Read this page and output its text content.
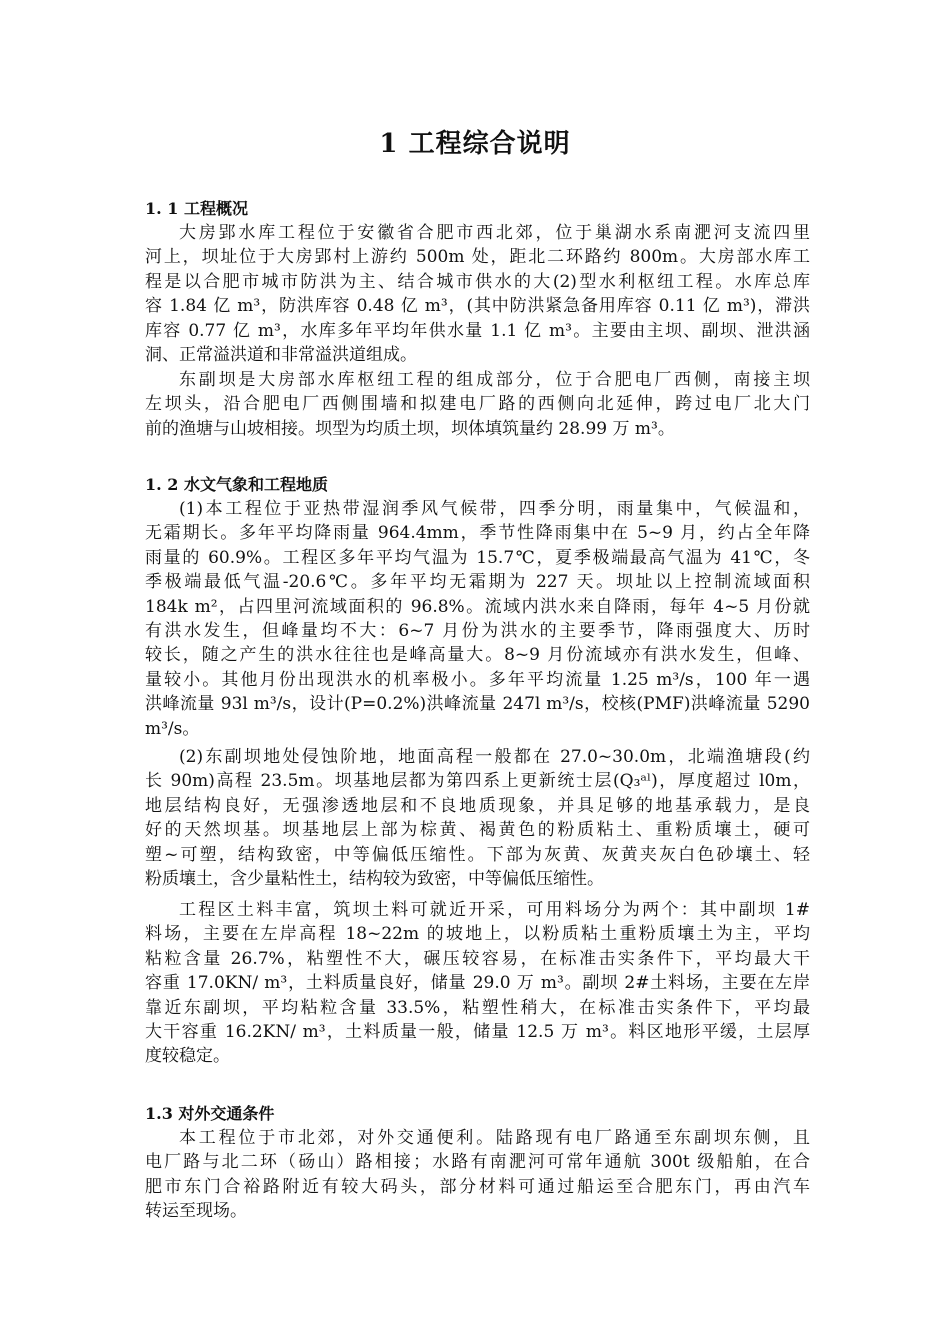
1 工程综合说明
1. 1 工程概况
大房郢水库工程位于安徽省合肥市西北郊，位于巢湖水系南淝河支流四里
河上，坝址位于大房郢村上游约 500m 处，距北二环路约 800m。大房部水库工
程是以合肥市城市防洪为主、结合城市供水的大(2)型水利枢纽工程。水库总库
容 1.84 亿 m³，防洪库容 0.48 亿 m³，(其中防洪紧急备用库容 0.11 亿 m³)，滞洪
库容 0.77 亿 m³，水库多年平均年供水量 1.1 亿 m³。主要由主坝、副坝、泄洪涵
洞、正常溢洪道和非常溢洪道组成。
东副坝是大房部水库枢纽工程的组成部分，位于合肥电厂西侧，南接主坝
左坝头，沿合肥电厂西侧围墙和拟建电厂路的西侧向北延伸，跨过电厂北大门
前的渔塘与山坡相接。坝型为均质土坝，坝体填筑量约 28.99 万 m³。
1. 2 水文气象和工程地质
(1)本工程位于亚热带湿润季风气候带，四季分明，雨量集中，气候温和，
无霜期长。多年平均降雨量 964.4mm，季节性降雨集中在 5~9 月，约占全年降
雨量的 60.9%。工程区多年平均气温为 15.7℃，夏季极端最高气温为 41℃，冬
季极端最低气温-20.6℃。多年平均无霜期为 227 天。坝址以上控制流域面积
184k m²，占四里河流域面积的 96.8%。流域内洪水来自降雨，每年 4~5 月份就
有洪水发生，但峰量均不大：6~7 月份为洪水的主要季节，降雨强度大、历时
较长，随之产生的洪水往往也是峰高量大。8~9 月份流域亦有洪水发生，但峰、
量较小。其他月份出现洪水的机率极小。多年平均流量 1.25 m³/s，100 年一遇
洪峰流量 93l m³/s，设计(P=0.2%)洪峰流量 247l m³/s，校核(PMF)洪峰流量 5290
m³/s。
(2)东副坝地处侵蚀阶地，地面高程一般都在 27.0~30.0m，北端渔塘段(约
长 90m)高程 23.5m。坝基地层都为第四系上更新统士层(Q₃ᵃˡ)，厚度超过 l0m，
地层结构良好，无强渗透地层和不良地质现象，并具足够的地基承载力，是良
好的天然坝基。坝基地层上部为棕黄、褐黄色的粉质粘土、重粉质壤土，硬可
塑~可塑，结构致密，中等偏低压缩性。下部为灰黄、灰黄夹灰白色砂壤土、轻
粉质壤土，含少量粘性土，结构较为致密，中等偏低压缩性。
工程区土料丰富，筑坝土料可就近开采，可用料场分为两个：其中副坝 1#
料场，主要在左岸高程 18~22m 的坡地上，以粉质粘土重粉质壤土为主，平均
粘粒含量 26.7%，粘塑性不大，碾压较容易，在标准击实条件下，平均最大干
容重 17.0KN/ m³，土料质量良好，储量 29.0 万 m³。副坝 2#土料场，主要在左岸
靠近东副坝，平均粘粒含量 33.5%，粘塑性稍大，在标准击实条件下，平均最
大干容重 16.2KN/ m³，土料质量一般，储量 12.5 万 m³。料区地形平缓，土层厚
度较稳定。
1.3 对外交通条件
本工程位于市北郊，对外交通便利。陆路现有电厂路通至东副坝东侧，且
电厂路与北二环（砀山）路相接；水路有南淝河可常年通航 300t 级船舶，在合
肥市东门合裕路附近有较大码头，部分材料可通过船运至合肥东门，再由汽车
转运至现场。
